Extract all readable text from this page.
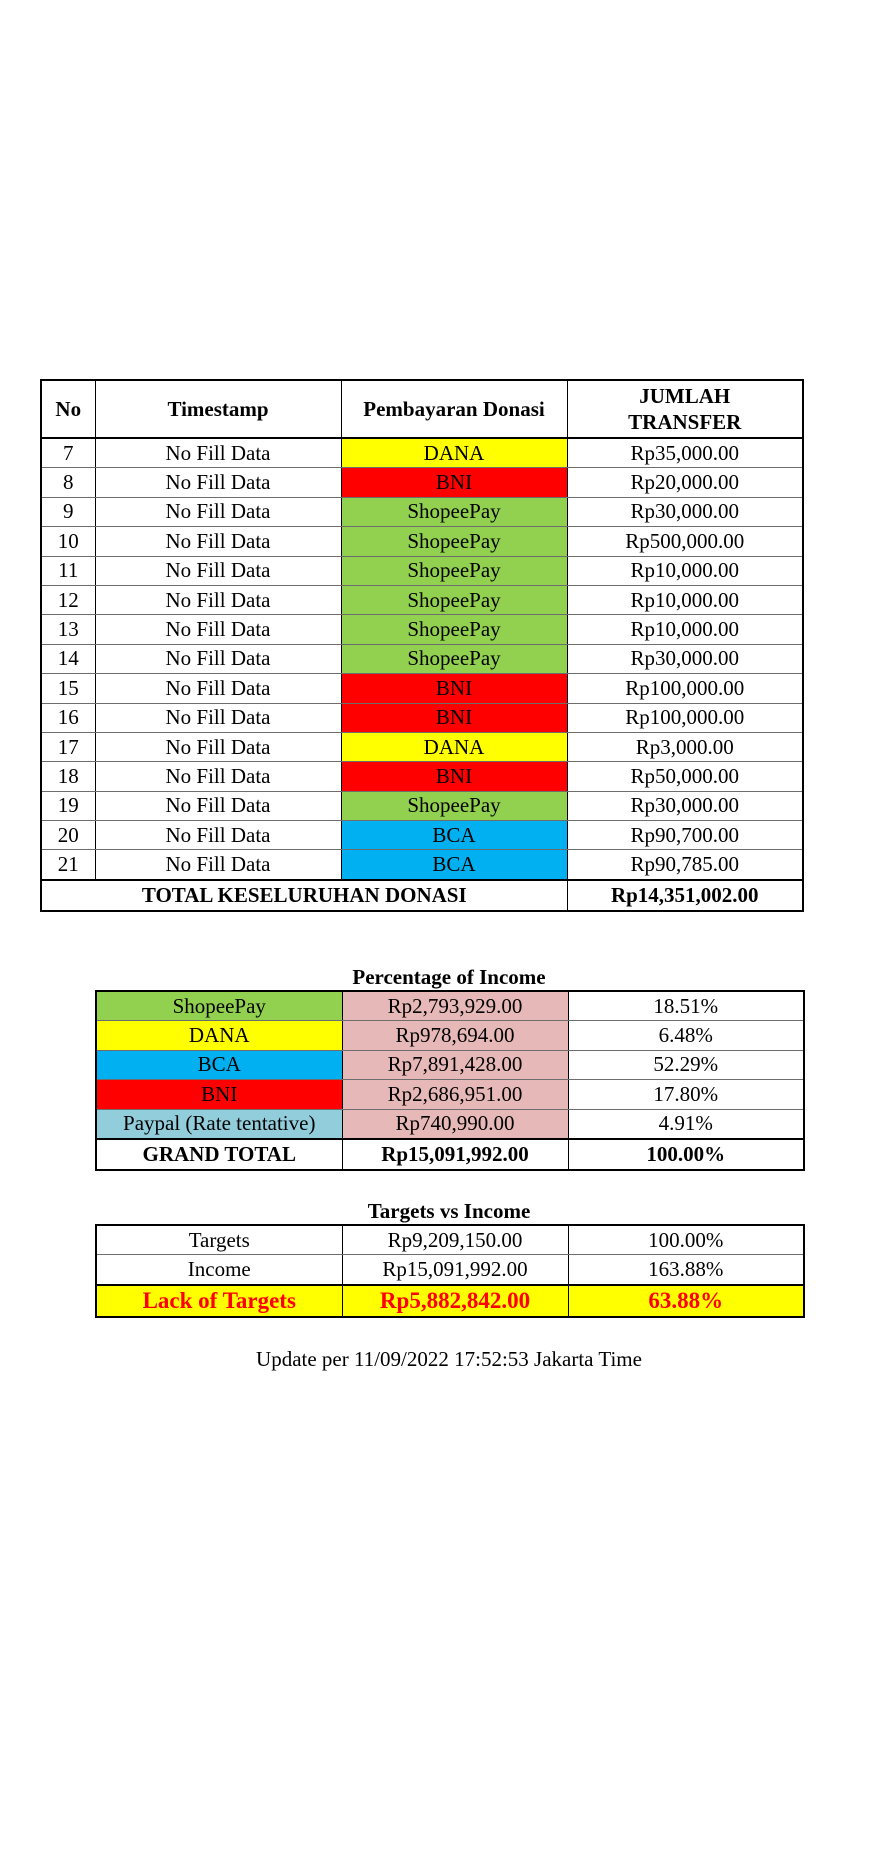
No	Timestamp	Pembayaran Donasi	JUMLAH TRANSFER
7	No Fill Data	DANA	Rp35,000.00
8	No Fill Data	BNI	Rp20,000.00
9	No Fill Data	ShopeePay	Rp30,000.00
10	No Fill Data	ShopeePay	Rp500,000.00
11	No Fill Data	ShopeePay	Rp10,000.00
12	No Fill Data	ShopeePay	Rp10,000.00
13	No Fill Data	ShopeePay	Rp10,000.00
14	No Fill Data	ShopeePay	Rp30,000.00
15	No Fill Data	BNI	Rp100,000.00
16	No Fill Data	BNI	Rp100,000.00
17	No Fill Data	DANA	Rp3,000.00
18	No Fill Data	BNI	Rp50,000.00
19	No Fill Data	ShopeePay	Rp30,000.00
20	No Fill Data	BCA	Rp90,700.00
21	No Fill Data	BCA	Rp90,785.00
TOTAL KESELURUHAN DONASI			Rp14,351,002.00
Percentage of Income
ShopeePay	Rp2,793,929.00	18.51%
DANA	Rp978,694.00	6.48%
BCA	Rp7,891,428.00	52.29%
BNI	Rp2,686,951.00	17.80%
Paypal (Rate tentative)	Rp740,990.00	4.91%
GRAND TOTAL	Rp15,091,992.00	100.00%
Targets vs Income
Targets	Rp9,209,150.00	100.00%
Income	Rp15,091,992.00	163.88%
Lack of Targets	Rp5,882,842.00	63.88%
Update per 11/09/2022 17:52:53 Jakarta Time
